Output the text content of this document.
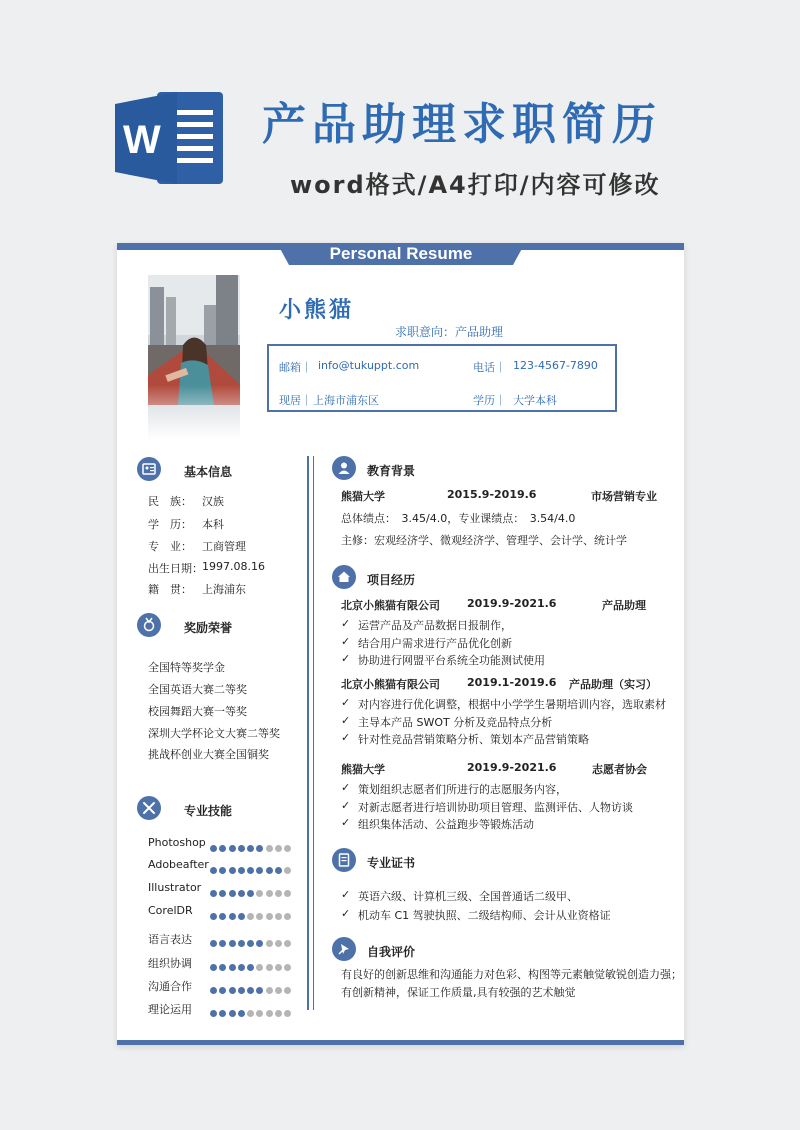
W 产品助理求职简历
word格式/A4打印/内容可修改
Personal Resume
小熊猫
求职意向：产品助理
邮箱｜ info@tukuppt.com	电话｜ 123-4567-7890
现居｜ 上海市浦东区	学历｜ 大学本科
基本信息
民　族： 汉族
学　历： 本科
专　业： 工商管理
出生日期： 1997.08.16
籍　贯： 上海浦东
奖励荣誉
全国特等奖学金
全国英语大赛二等奖
校园舞蹈大赛一等奖
深圳大学杯论文大赛二等奖
挑战杯创业大赛全国铜奖
专业技能
Photoshop
Adobeafter
Illustrator
CorelDR
语言表达
组织协调
沟通合作
理论运用
教育背景
熊猫大学	2015.9-2019.6	市场营销专业
总体绩点：　3.45/4.0，专业课绩点：　3.54/4.0
主修：宏观经济学、微观经济学、管理学、会计学、统计学
项目经历
北京小熊猫有限公司 2019.9-2021.6	产品助理
✓ 运营产品及产品数据日报制作，
✓ 结合用户需求进行产品优化创新
✓ 协助进行网盟平台系统全功能测试使用
北京小熊猫有限公司 2019.1-2019.6 产品助理（实习）
✓ 对内容进行优化调整，根据中小学学生暑期培训内容，选取素材
✓ 主导本产品 SWOT 分析及竞品特点分析
✓ 针对性竞品营销策略分析、策划本产品营销策略
熊猫大学	2019.9-2021.6	志愿者协会
✓ 策划组织志愿者们所进行的志愿服务内容，
✓ 对新志愿者进行培训协助项目管理、监测评估、人物访谈
✓ 组织集体活动、公益跑步等锻炼活动
专业证书
✓ 英语六级、计算机三级、全国普通话二级甲、
✓ 机动车 C1 驾驶执照、二级结构师、会计从业资格证
自我评价
有良好的创新思维和沟通能力对色彩、构图等元素触觉敏锐创造力强；
有创新精神，保证工作质量,具有较强的艺术触觉
